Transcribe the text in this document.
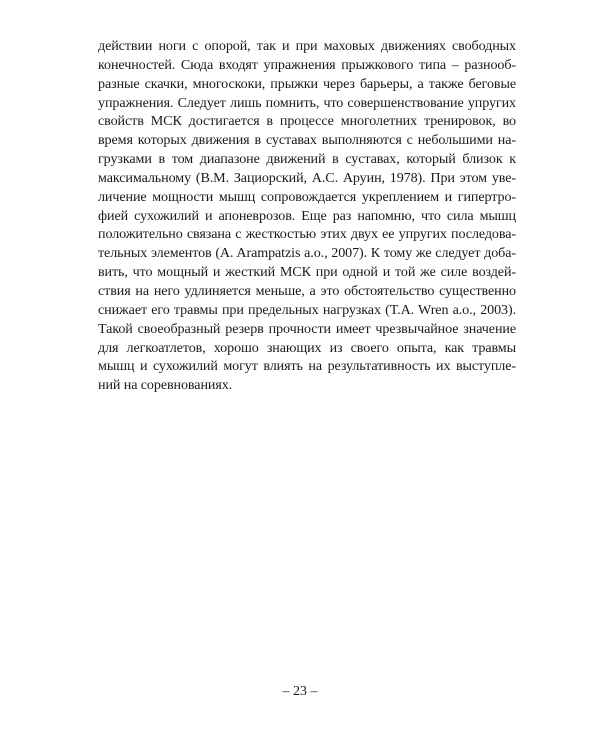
действии ноги с опорой, так и при маховых движениях свободных
конечностей. Сюда входят упражнения прыжкового типа – разнооб-
разные скачки, многоскоки, прыжки через барьеры, а также беговые
упражнения. Следует лишь помнить, что совершенствование упругих
свойств МСК достигается в процессе многолетних тренировок, во
время которых движения в суставах выполняются с небольшими на-
грузками в том диапазоне движений в суставах, который близок к
максимальному (В.М. Зациорский, А.С. Аруин, 1978). При этом уве-
личение мощности мышц сопровождается укреплением и гипертро-
фией сухожилий и апоневрозов. Еще раз напомню, что сила мышц
положительно связана с жесткостью этих двух ее упругих последова-
тельных элементов (A. Arampatzis a.o., 2007). К тому же следует доба-
вить, что мощный и жесткий МСК при одной и той же силе воздей-
ствия на него удлиняется меньше, а это обстоятельство существенно
снижает его травмы при предельных нагрузках (T.A. Wren a.o., 2003).
Такой своеобразный резерв прочности имеет чрезвычайное значение
для легкоатлетов, хорошо знающих из своего опыта, как травмы
мышц и сухожилий могут влиять на результативность их выступле-
ний на соревнованиях.
– 23 –
